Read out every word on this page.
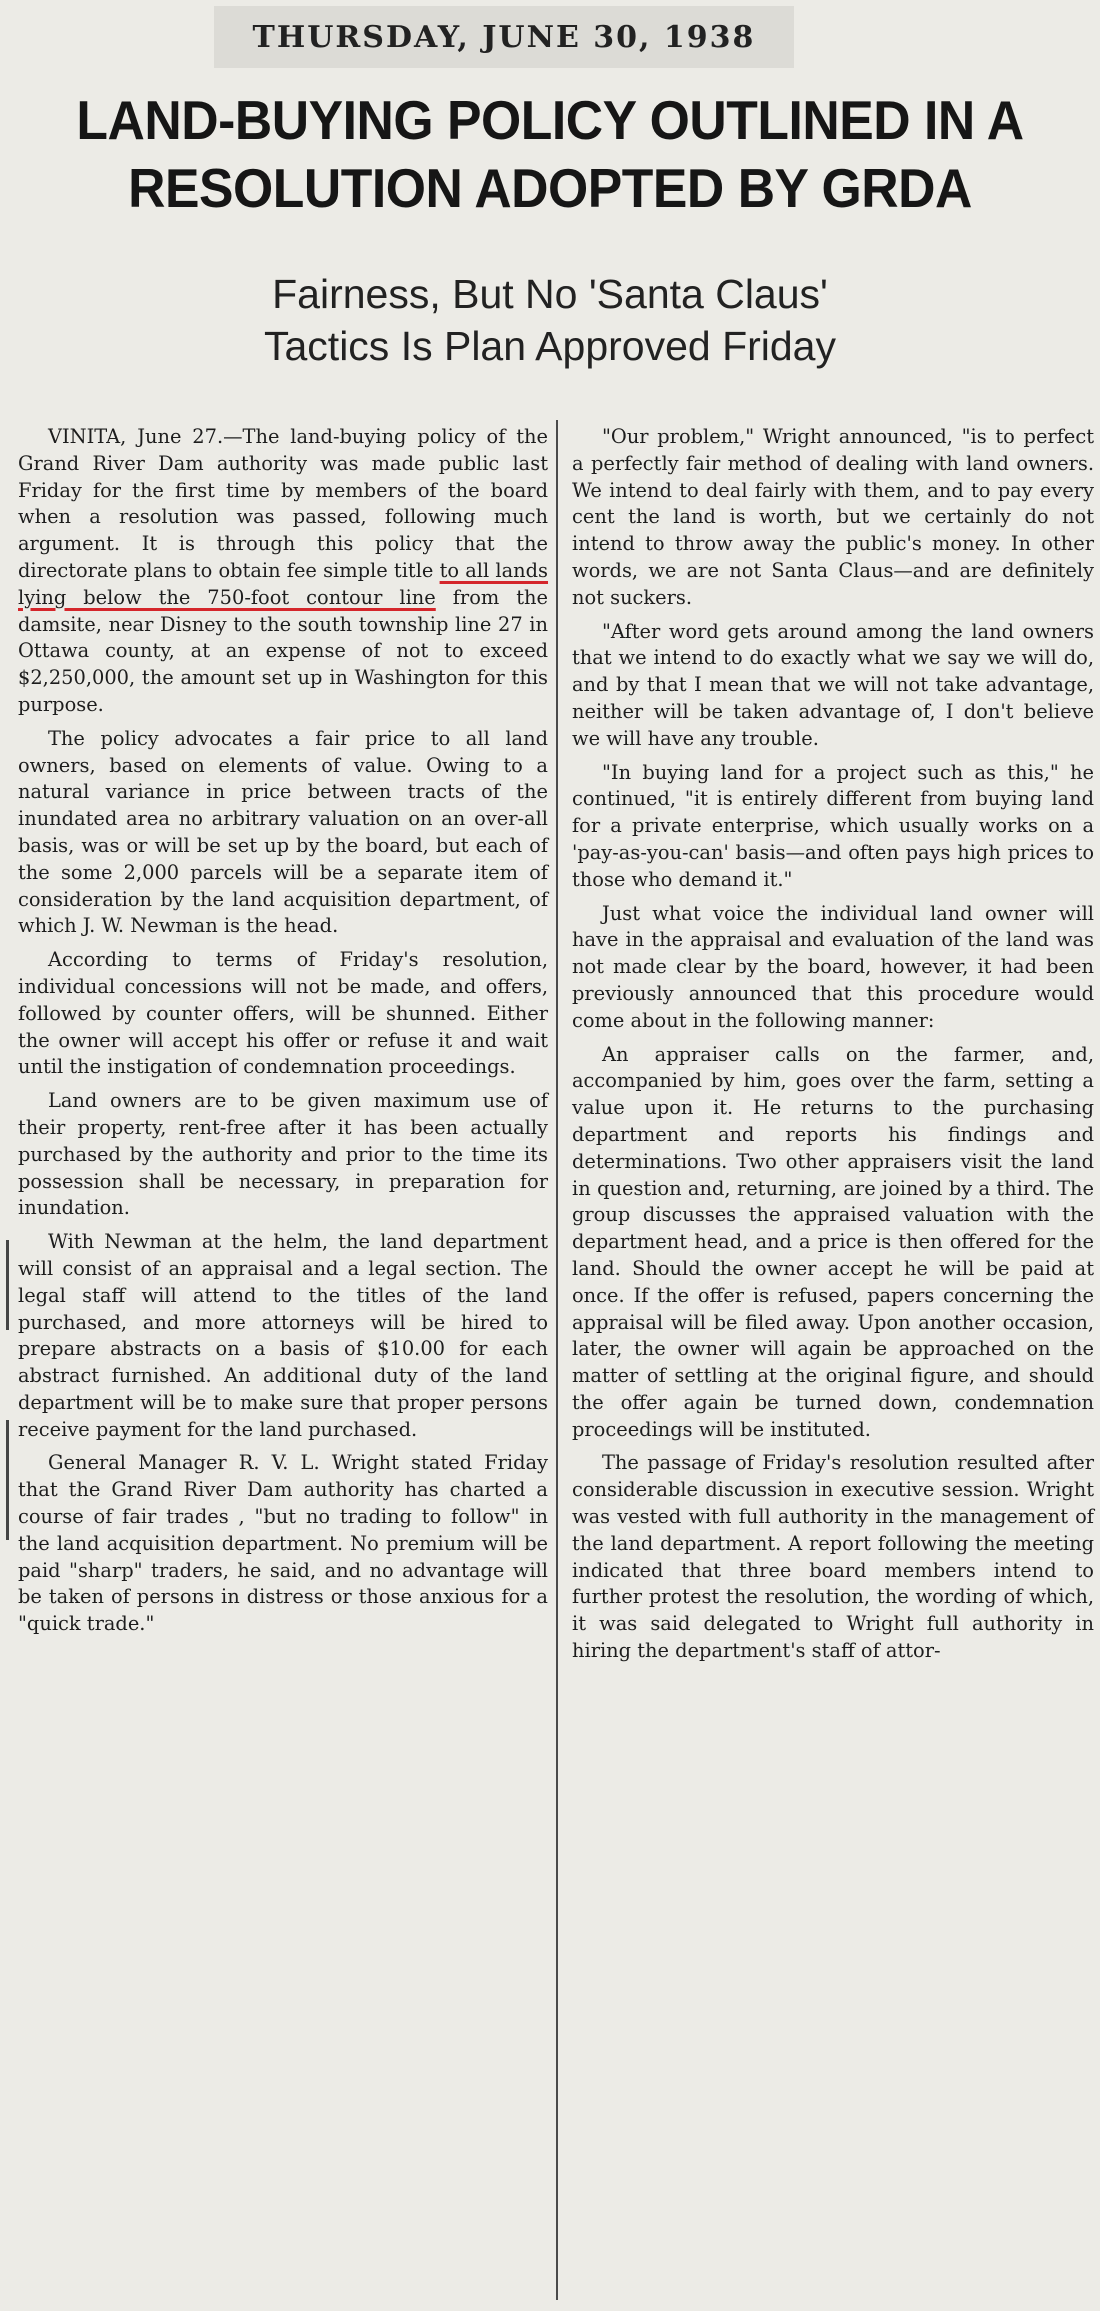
THURSDAY, JUNE 30, 1938
LAND-BUYING POLICY OUTLINED IN A RESOLUTION ADOPTED BY GRDA
Fairness, But No 'Santa Claus' Tactics Is Plan Approved Friday

VINITA, June 27.—The land-buying policy of the Grand River Dam authority was made public last Friday for the first time by members of the board when a resolution was passed, following much argument. It is through this policy that the directorate plans to obtain fee simple title to all lands lying below the 750-foot contour line from the damsite, near Disney to the south township line 27 in Ottawa county, at an expense of not to exceed $2,250,000, the amount set up in Washington for this purpose.

The policy advocates a fair price to all land owners, based on elements of value. Owing to a natural variance in price between tracts of the inundated area no arbitrary valuation on an over-all basis, was or will be set up by the board, but each of the some 2,000 parcels will be a separate item of consideration by the land acquisition department, of which J. W. Newman is the head.

According to terms of Friday's resolution, individual concessions will not be made, and offers, followed by counter offers, will be shunned. Either the owner will accept his offer or refuse it and wait until the instigation of condemnation proceedings.

Land owners are to be given maximum use of their property, rent-free after it has been actually purchased by the authority and prior to the time its possession shall be necessary, in preparation for inundation.

With Newman at the helm, the land department will consist of an appraisal and a legal section. The legal staff will attend to the titles of the land purchased, and more attorneys will be hired to prepare abstracts on a basis of $10.00 for each abstract furnished. An additional duty of the land department will be to make sure that proper persons receive payment for the land purchased.

General Manager R. V. L. Wright stated Friday that the Grand River Dam authority has charted a course of fair trades , "but no trading to follow" in the land acquisition department. No premium will be paid "sharp" traders, he said, and no advantage will be taken of persons in distress or those anxious for a "quick trade."

"Our problem," Wright announced, "is to perfect a perfectly fair method of dealing with land owners. We intend to deal fairly with them, and to pay every cent the land is worth, but we certainly do not intend to throw away the public's money. In other words, we are not Santa Claus—and are definitely not suckers.

"After word gets around among the land owners that we intend to do exactly what we say we will do, and by that I mean that we will not take advantage, neither will be taken advantage of, I don't believe we will have any trouble.

"In buying land for a project such as this," he continued, "it is entirely different from buying land for a private enterprise, which usually works on a 'pay-as-you-can' basis—and often pays high prices to those who demand it."

Just what voice the individual land owner will have in the appraisal and evaluation of the land was not made clear by the board, however, it had been previously announced that this procedure would come about in the following manner:

An appraiser calls on the farmer, and, accompanied by him, goes over the farm, setting a value upon it. He returns to the purchasing department and reports his findings and determinations. Two other appraisers visit the land in question and, returning, are joined by a third. The group discusses the appraised valuation with the department head, and a price is then offered for the land. Should the owner accept he will be paid at once. If the offer is refused, papers concerning the appraisal will be filed away. Upon another occasion, later, the owner will again be approached on the matter of settling at the original figure, and should the offer again be turned down, condemnation proceedings will be instituted.

The passage of Friday's resolution resulted after considerable discussion in executive session. Wright was vested with full authority in the management of the land department. A report following the meeting indicated that three board members intend to further protest the resolution, the wording of which, it was said delegated to Wright full authority in hiring the department's staff of attor-
